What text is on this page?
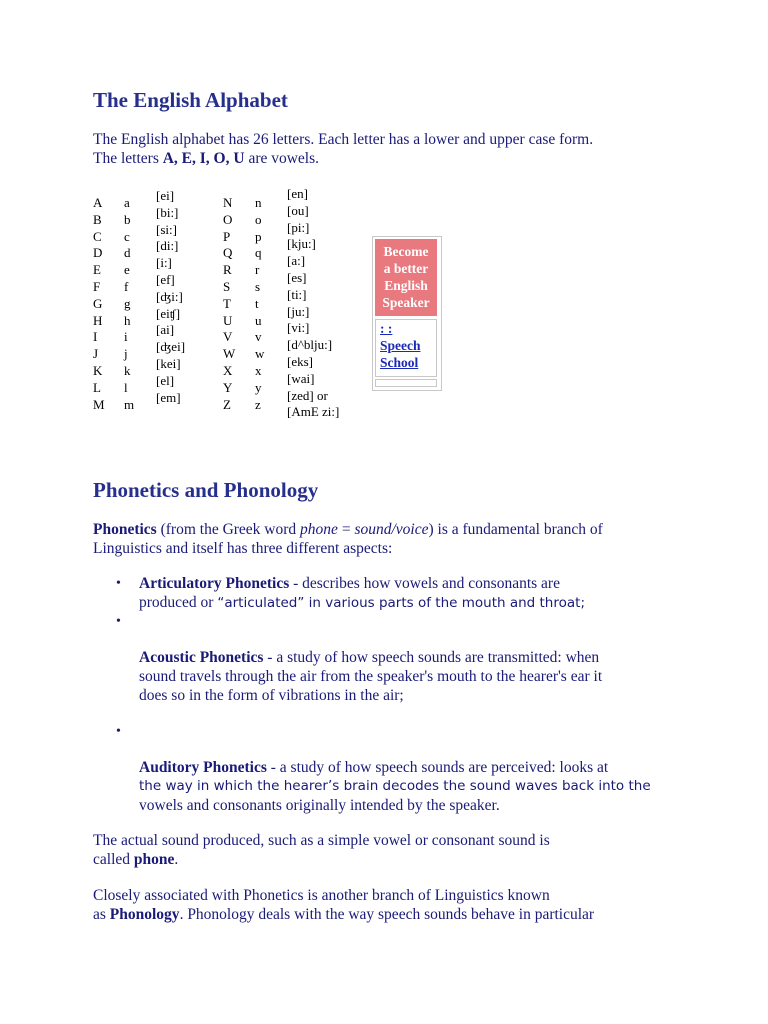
The English Alphabet
The English alphabet has 26 letters. Each letter has a lower and upper case form.
The letters A, E, I, O, U are vowels.
A
B
C
D
E
F
G
H
I
J
K
L
M
a
b
c
d
e
f
g
h
i
j
k
l
m
[ei]
[bi:]
[si:]
[di:]
[i:]
[ef]
[ʤi:]
[eiʧ]
[ai]
[ʤei]
[kei]
[el]
[em]
N
O
P
Q
R
S
T
U
V
W
X
Y
Z
n
o
p
q
r
s
t
u
v
w
x
y
z
[en]
[ou]
[pi:]
[kju:]
[a:]
[es]
[ti:]
[ju:]
[vi:]
[d^blju:]
[eks]
[wai]
[zed] or
[AmE zi:]
Become
a better
English
Speaker
: :
Speech
School
Phonetics and Phonology
Phonetics (from the Greek word phone = sound/voice) is a fundamental branch of
Linguistics and itself has three different aspects:
• Articulatory Phonetics - describes how vowels and consonants are
produced or “articulated” in various parts of the mouth and throat;
•
Acoustic Phonetics - a study of how speech sounds are transmitted: when
sound travels through the air from the speaker's mouth to the hearer's ear it
does so in the form of vibrations in the air;
•
Auditory Phonetics - a study of how speech sounds are perceived: looks at
the way in which the hearer’s brain decodes the sound waves back into the
vowels and consonants originally intended by the speaker.
The actual sound produced, such as a simple vowel or consonant sound is
called phone.
Closely associated with Phonetics is another branch of Linguistics known
as Phonology. Phonology deals with the way speech sounds behave in particular
